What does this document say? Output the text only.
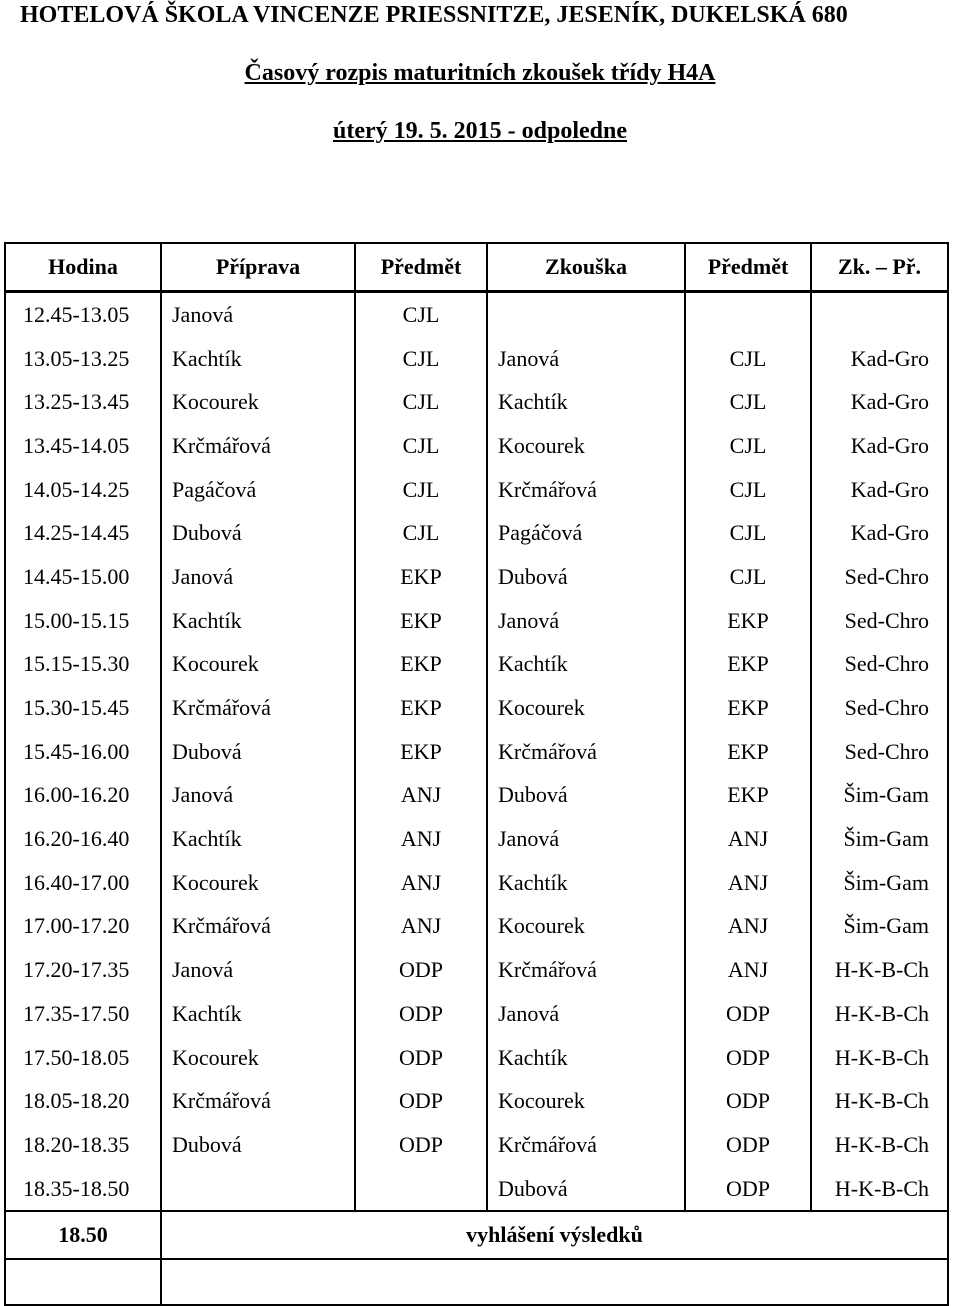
HOTELOVÁ ŠKOLA VINCENZE PRIESSNITZE, JESENÍK, DUKELSKÁ 680
Časový rozpis maturitních zkoušek třídy H4A
úterý 19. 5. 2015 - odpoledne
Hodina	Příprava	Předmět	Zkouška	Předmět	Zk. – Př.
12.45-13.05	Janová	CJL			
13.05-13.25	Kachtík	CJL	Janová	CJL	Kad-Gro
13.25-13.45	Kocourek	CJL	Kachtík	CJL	Kad-Gro
13.45-14.05	Krčmářová	CJL	Kocourek	CJL	Kad-Gro
14.05-14.25	Pagáčová	CJL	Krčmářová	CJL	Kad-Gro
14.25-14.45	Dubová	CJL	Pagáčová	CJL	Kad-Gro
14.45-15.00	Janová	EKP	Dubová	CJL	Sed-Chro
15.00-15.15	Kachtík	EKP	Janová	EKP	Sed-Chro
15.15-15.30	Kocourek	EKP	Kachtík	EKP	Sed-Chro
15.30-15.45	Krčmářová	EKP	Kocourek	EKP	Sed-Chro
15.45-16.00	Dubová	EKP	Krčmářová	EKP	Sed-Chro
16.00-16.20	Janová	ANJ	Dubová	EKP	Šim-Gam
16.20-16.40	Kachtík	ANJ	Janová	ANJ	Šim-Gam
16.40-17.00	Kocourek	ANJ	Kachtík	ANJ	Šim-Gam
17.00-17.20	Krčmářová	ANJ	Kocourek	ANJ	Šim-Gam
17.20-17.35	Janová	ODP	Krčmářová	ANJ	H-K-B-Ch
17.35-17.50	Kachtík	ODP	Janová	ODP	H-K-B-Ch
17.50-18.05	Kocourek	ODP	Kachtík	ODP	H-K-B-Ch
18.05-18.20	Krčmářová	ODP	Kocourek	ODP	H-K-B-Ch
18.20-18.35	Dubová	ODP	Krčmářová	ODP	H-K-B-Ch
18.35-18.50			Dubová	ODP	H-K-B-Ch
18.50	vyhlášení výsledků				
